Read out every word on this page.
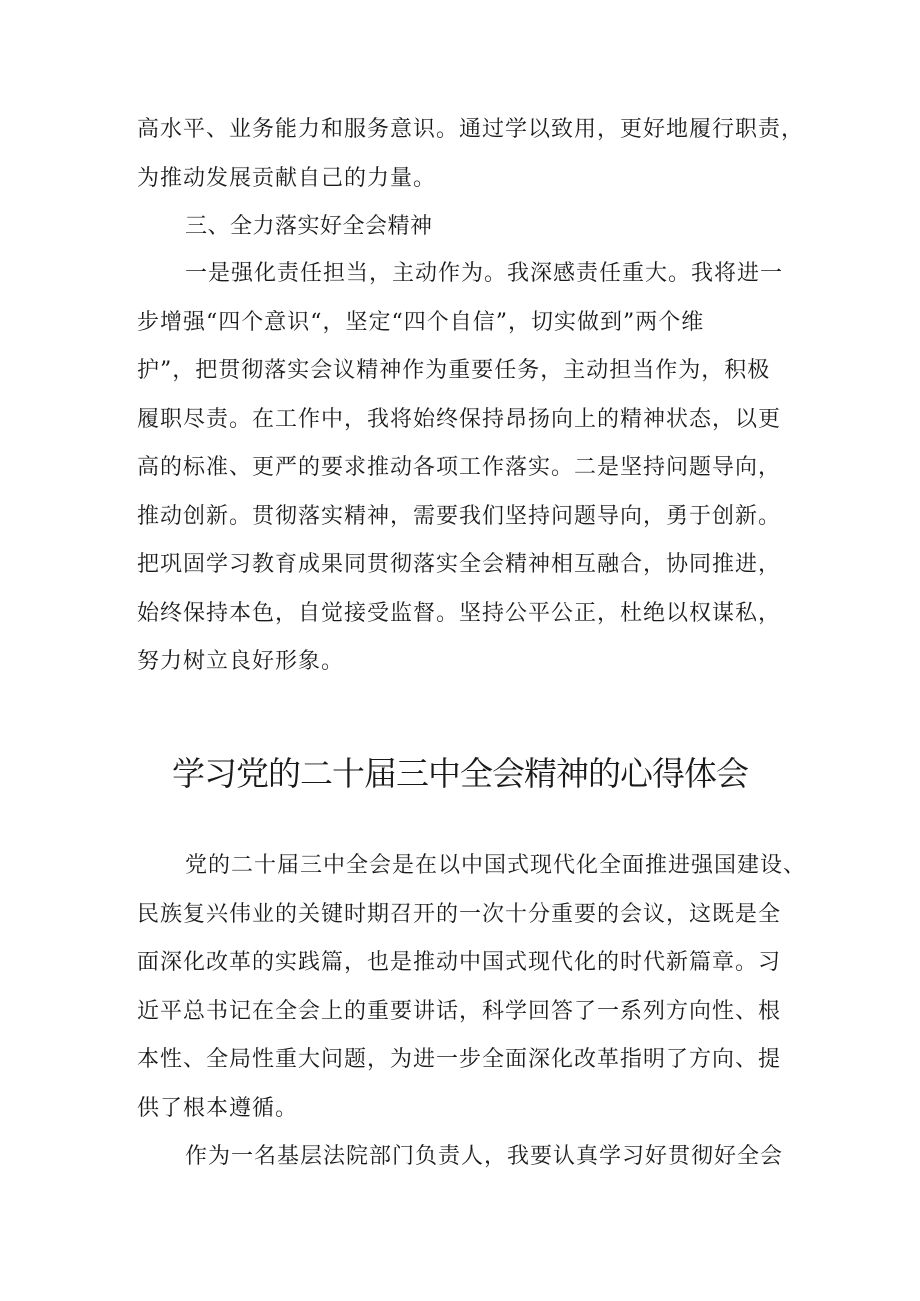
高水平、业务能力和服务意识。通过学以致用，更好地履行职责，
为推动发展贡献自己的力量。
三、全力落实好全会精神
一是强化责任担当，主动作为。我深感责任重大。我将进一
步增强“四个意识“，坚定“四个自信”，切实做到”两个维
护”，把贯彻落实会议精神作为重要任务，主动担当作为，积极
履职尽责。在工作中，我将始终保持昂扬向上的精神状态，以更
高的标准、更严的要求推动各项工作落实。二是坚持问题导向，
推动创新。贯彻落实精神，需要我们坚持问题导向，勇于创新。
把巩固学习教育成果同贯彻落实全会精神相互融合，协同推进，
始终保持本色，自觉接受监督。坚持公平公正，杜绝以权谋私，
努力树立良好形象。
学习党的二十届三中全会精神的心得体会
党的二十届三中全会是在以中国式现代化全面推进强国建设、
民族复兴伟业的关键时期召开的一次十分重要的会议，这既是全
面深化改革的实践篇，也是推动中国式现代化的时代新篇章。习
近平总书记在全会上的重要讲话，科学回答了一系列方向性、根
本性、全局性重大问题，为进一步全面深化改革指明了方向、提
供了根本遵循。
作为一名基层法院部门负责人，我要认真学习好贯彻好全会
